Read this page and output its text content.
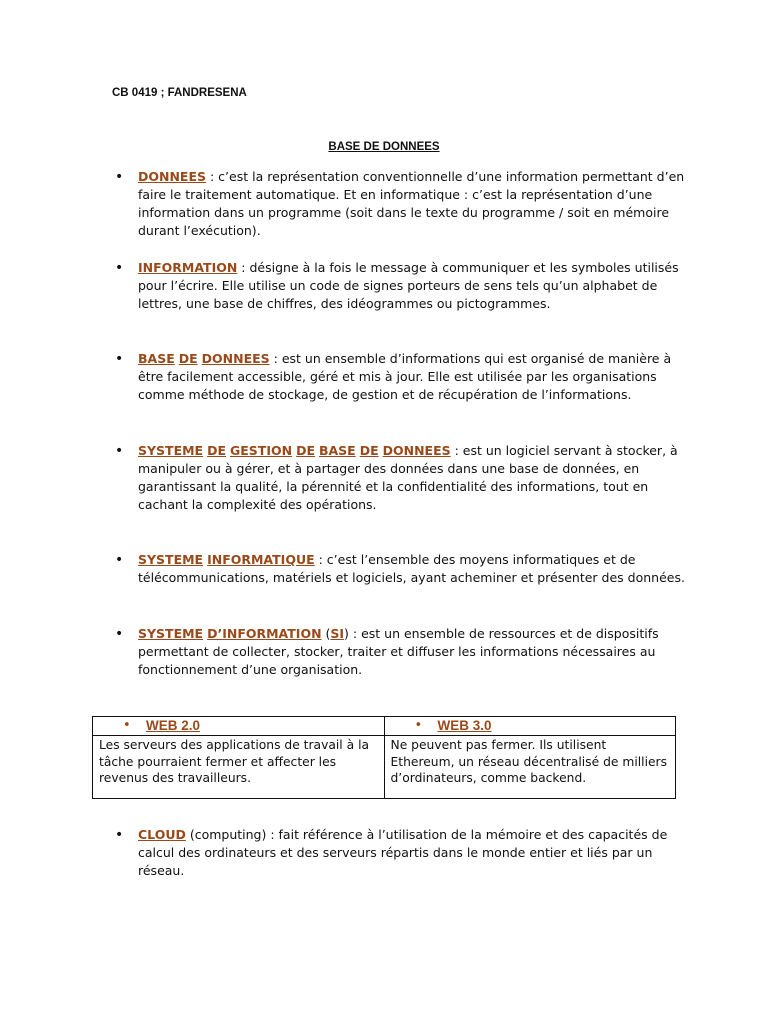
CB 0419 ; FANDRESENA
BASE DE DONNEES
• DONNEES : c’est la représentation conventionnelle d’une information permettant d’en faire le traitement automatique. Et en informatique : c’est la représentation d’une information dans un programme (soit dans le texte du programme / soit en mémoire durant l’exécution).
• INFORMATION : désigne à la fois le message à communiquer et les symboles utilisés pour l’écrire. Elle utilise un code de signes porteurs de sens tels qu’un alphabet de lettres, une base de chiffres, des idéogrammes ou pictogrammes.
• BASE DE DONNEES : est un ensemble d’informations qui est organisé de manière à être facilement accessible, géré et mis à jour. Elle est utilisée par les organisations comme méthode de stockage, de gestion et de récupération de l’informations.
• SYSTEME DE GESTION DE BASE DE DONNEES : est un logiciel servant à stocker, à manipuler ou à gérer, et à partager des données dans une base de données, en garantissant la qualité, la pérennité et la confidentialité des informations, tout en cachant la complexité des opérations.
• SYSTEME INFORMATIQUE : c’est l’ensemble des moyens informatiques et de télécommunications, matériels et logiciels, ayant acheminer et présenter des données.
• SYSTEME D’INFORMATION (SI) : est un ensemble de ressources et de dispositifs permettant de collecter, stocker, traiter et diffuser les informations nécessaires au fonctionnement d’une organisation.
• WEB 2.0	• WEB 3.0

Les serveurs des applications de travail à la tâche pourraient fermer et affecter les revenus des travailleurs.	Ne peuvent pas fermer. Ils utilisent Ethereum, un réseau décentralisé de milliers d’ordinateurs, comme backend.
• CLOUD (computing) : fait référence à l’utilisation de la mémoire et des capacités de calcul des ordinateurs et des serveurs répartis dans le monde entier et liés par un réseau.
